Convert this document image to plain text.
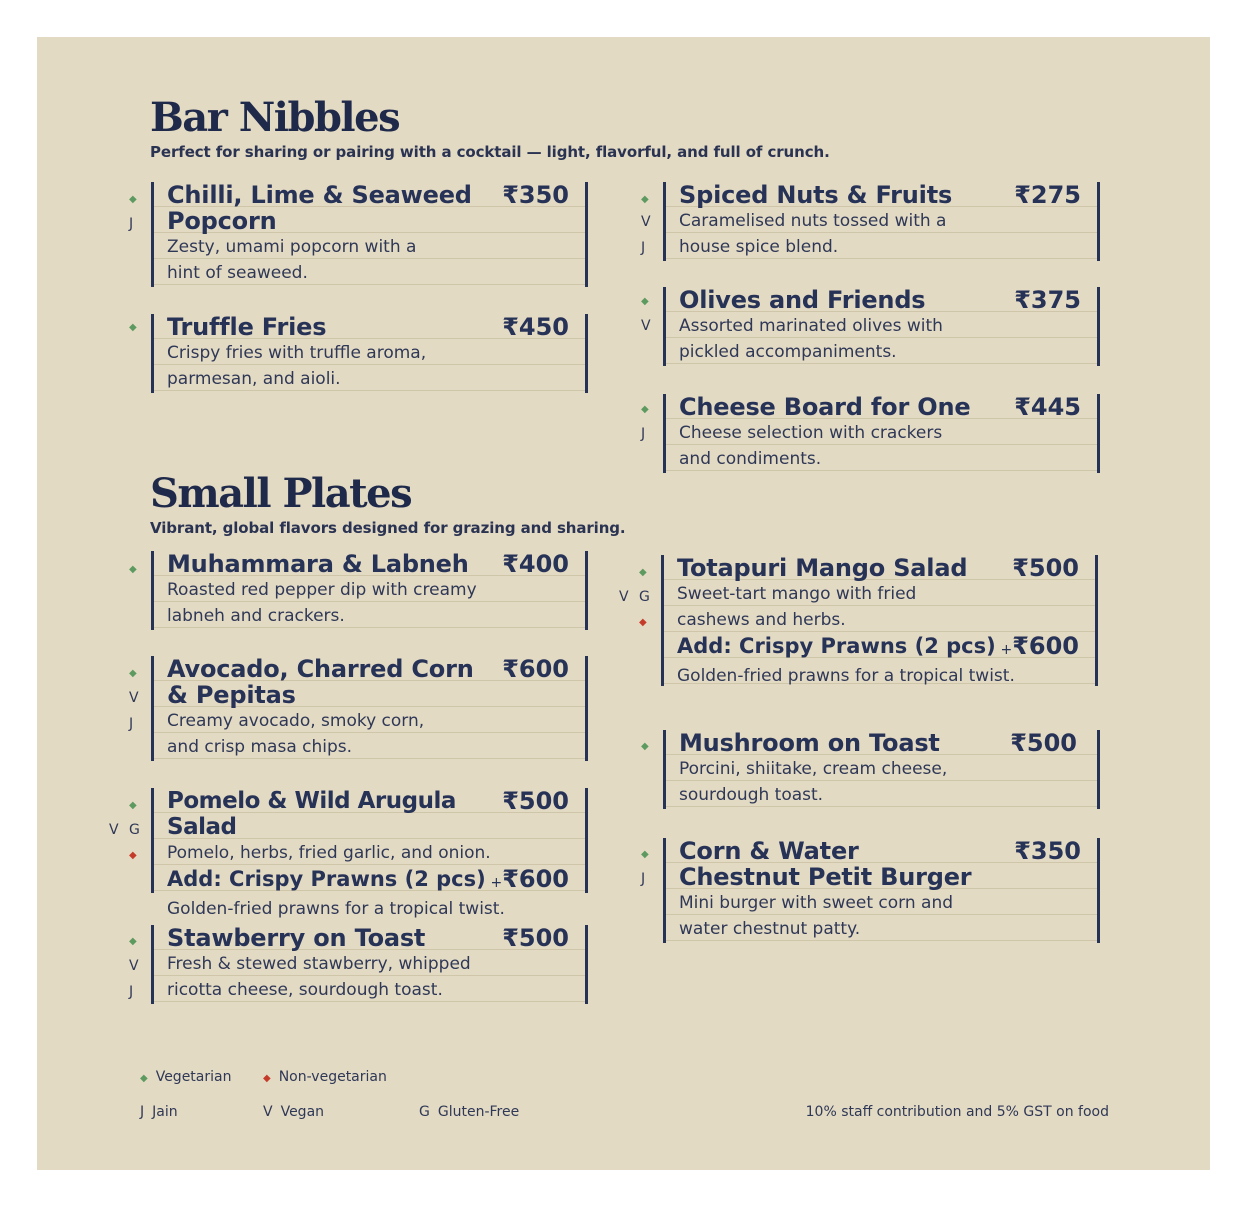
Bar Nibbles

Perfect for sharing or pairing with a cocktail — light, flavorful, and full of crunch.

Chilli, Lime & Seaweed Popcorn
₹350
Zesty, umami popcorn with a hint of seaweed.
◆
J
Truffle Fries	₹450
Crispy fries with truffle aroma, parmesan, and aioli.
◆
Spiced Nuts & Fruits	₹275
Caramelised nuts tossed with a house spice blend.
◆
V
J
Olives and Friends	₹375
Assorted marinated olives with pickled accompaniments.
◆
V
Cheese Board for One ₹445
Cheese selection with crackers and condiments.
◆
J
Small Plates

Vibrant, global flavors designed for grazing and sharing.

Muhammara & Labneh ₹400
Roasted red pepper dip with creamy labneh and crackers.
◆
Avocado, Charred Corn & Pepitas
₹600
Creamy avocado, smoky corn, and crisp masa chips.
◆
V
J
Pomelo & Wild Arugula Salad
₹500
Pomelo, herbs, fried garlic, and onion.
Add: Crispy Prawns (2 pcs) +₹600
Golden-fried prawns for a tropical twist.
◆
V G
◆
Stawberry on Toast	₹500
Fresh & stewed stawberry, whipped ricotta cheese, sourdough toast.
◆
V
J
Totapuri Mango Salad ₹500
Sweet-tart mango with fried cashews and herbs.
Add: Crispy Prawns (2 pcs) +₹600
Golden-fried prawns for a tropical twist.
◆
V G
◆
Mushroom on Toast	₹500
Porcini, shiitake, cream cheese, sourdough toast.
◆
Corn & Water Chestnut Petit Burger
₹350
Mini burger with sweet corn and water chestnut patty.
◆
J
◆ Vegetarian	◆ Non-vegetarian
J Jain	V Vegan	G Gluten-Free	10% staff contribution and 5% GST on food
